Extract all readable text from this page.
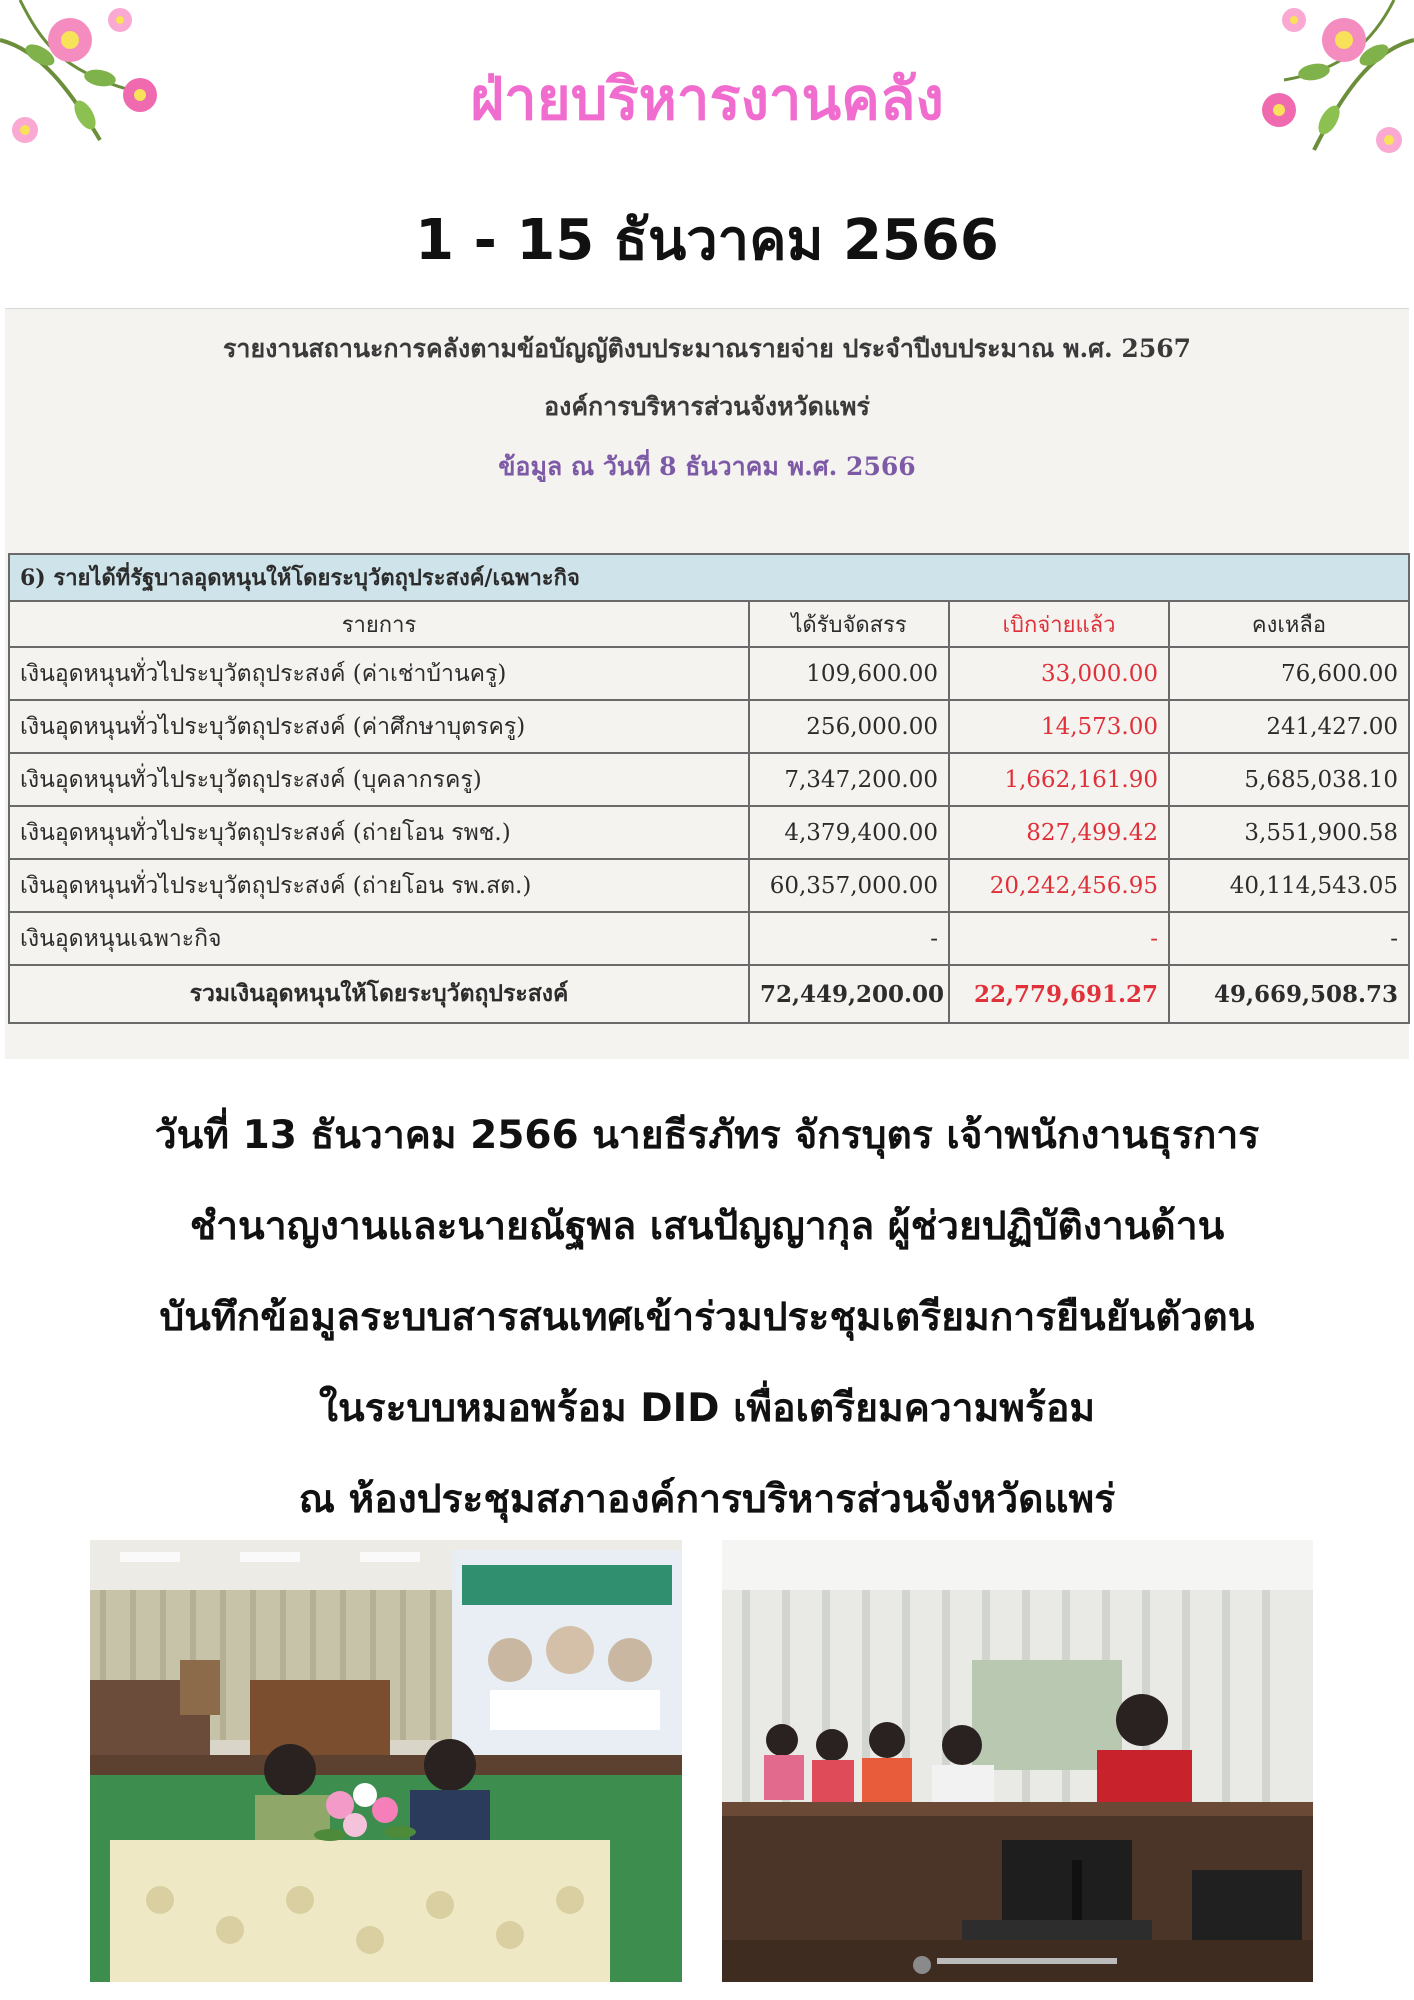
ฝ่ายบริหารงานคลัง
1 - 15 ธันวาคม 2566
รายงานสถานะการคลังตามข้อบัญญัติงบประมาณรายจ่าย ประจำปีงบประมาณ พ.ศ. 2567
องค์การบริหารส่วนจังหวัดแพร่
ข้อมูล ณ วันที่ 8 ธันวาคม พ.ศ. 2566
6) รายได้ที่รัฐบาลอุดหนุนให้โดยระบุวัตถุประสงค์/เฉพาะกิจ			
รายการ	ได้รับจัดสรร	เบิกจ่ายแล้ว	คงเหลือ
เงินอุดหนุนทั่วไประบุวัตถุประสงค์ (ค่าเช่าบ้านครู)	109,600.00	33,000.00	76,600.00
เงินอุดหนุนทั่วไประบุวัตถุประสงค์ (ค่าศึกษาบุตรครู)	256,000.00	14,573.00	241,427.00
เงินอุดหนุนทั่วไประบุวัตถุประสงค์ (บุคลากรครู)	7,347,200.00	1,662,161.90	5,685,038.10
เงินอุดหนุนทั่วไประบุวัตถุประสงค์ (ถ่ายโอน รพช.)	4,379,400.00	827,499.42	3,551,900.58
เงินอุดหนุนทั่วไประบุวัตถุประสงค์ (ถ่ายโอน รพ.สต.)	60,357,000.00	20,242,456.95	40,114,543.05
เงินอุดหนุนเฉพาะกิจ	-	-	-
รวมเงินอุดหนุนให้โดยระบุวัตถุประสงค์	72,449,200.00	22,779,691.27	49,669,508.73
วันที่ 13 ธันวาคม 2566 นายธีรภัทร จักรบุตร เจ้าพนักงานธุรการ
ชำนาญงานและนายณัฐพล เสนปัญญากุล ผู้ช่วยปฏิบัติงานด้าน
บันทึกข้อมูลระบบสารสนเทศเข้าร่วมประชุมเตรียมการยืนยันตัวตน
ในระบบหมอพร้อม DID เพื่อเตรียมความพร้อม
ณ ห้องประชุมสภาองค์การบริหารส่วนจังหวัดแพร่
